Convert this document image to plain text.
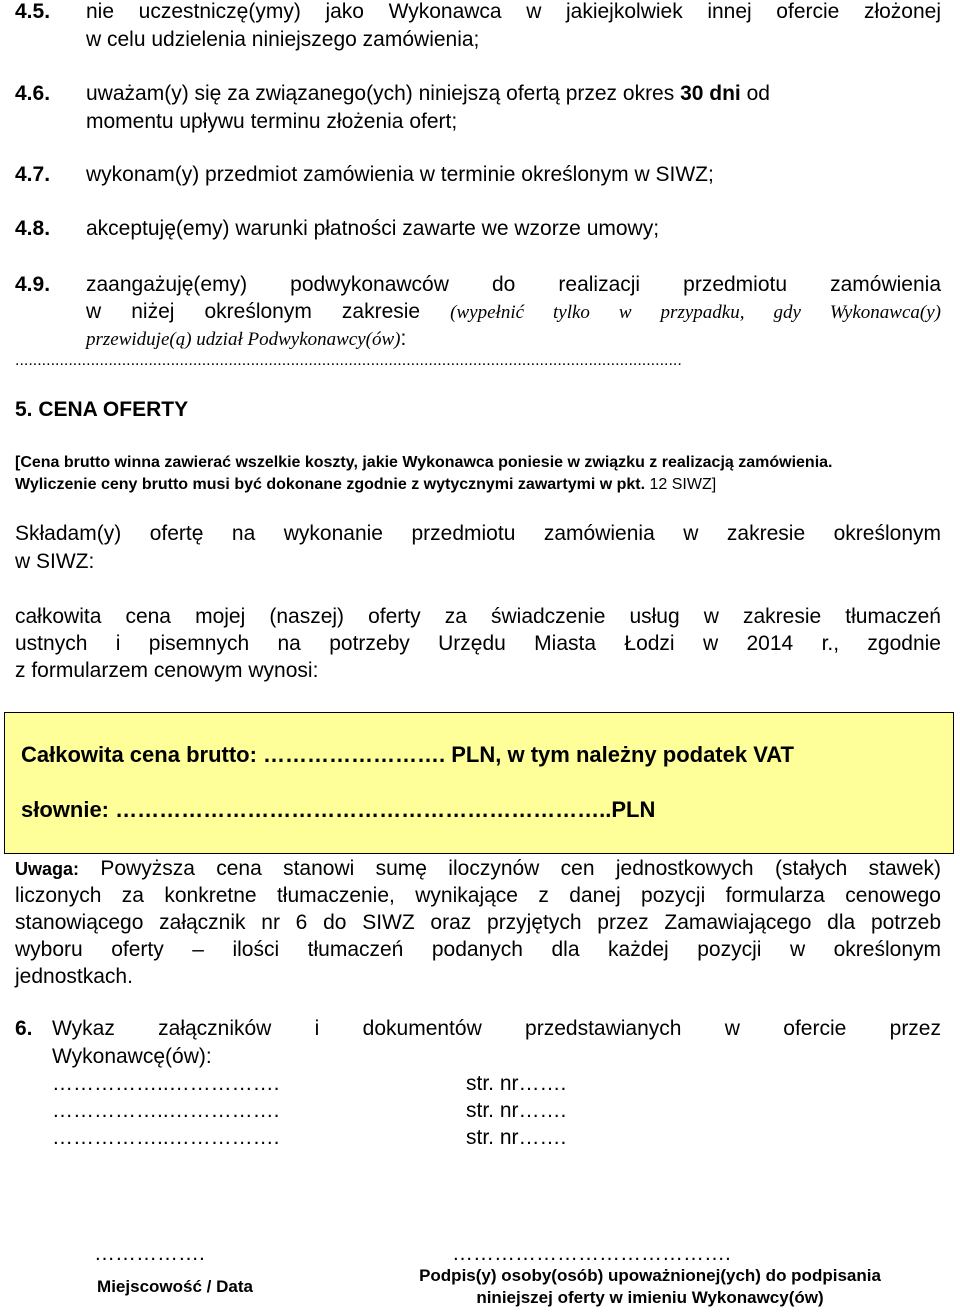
4.5. nie uczestniczę(ymy) jako Wykonawca w jakiejkolwiek innej ofercie złożonej
w celu udzielenia niniejszego zamówienia;
4.6. uważam(y) się za związanego(ych) niniejszą ofertą przez okres 30 dni od
momentu upływu terminu złożenia ofert;
4.7. wykonam(y) przedmiot zamówienia w terminie określonym w SIWZ;
4.8. akceptuję(emy) warunki płatności zawarte we wzorze umowy;
4.9. zaangażuję(emy) podwykonawców do realizacji przedmiotu zamówienia
w niżej określonym zakresie (wypełnić tylko w przypadku, gdy Wykonawca(y)
przewiduje(ą) udział Podwykonawcy(ów):
......................................................................................................................................................
5. CENA OFERTY
[Cena brutto winna zawierać wszelkie koszty, jakie Wykonawca poniesie w związku z realizacją zamówienia.
Wyliczenie ceny brutto musi być dokonane zgodnie z wytycznymi zawartymi w pkt. 12 SIWZ]
Składam(y) ofertę na wykonanie przedmiotu zamówienia w zakresie określonym
w SIWZ:
całkowita cena mojej (naszej) oferty za świadczenie usług w zakresie tłumaczeń
ustnych i pisemnych na potrzeby Urzędu Miasta Łodzi w 2014 r., zgodnie
z formularzem cenowym wynosi:
Całkowita cena brutto: ……………………. PLN, w tym należny podatek VAT
słownie: …………………………………………………………..PLN
Uwaga: Powyższa cena stanowi sumę iloczynów cen jednostkowych (stałych stawek)
liczonych za konkretne tłumaczenie, wynikające z danej pozycji formularza cenowego
stanowiącego załącznik nr 6 do SIWZ oraz przyjętych przez Zamawiającego dla potrzeb
wyboru oferty – ilości tłumaczeń podanych dla każdej pozycji w określonym
jednostkach.
6. Wykaz załączników i dokumentów przedstawianych w ofercie przez
Wykonawcę(ów):
……………..…………….	str. nr…….
……………..…………….	str. nr…….
……………..…………….	str. nr…….
…………….
Miejscowość / Data
………………………………….
Podpis(y) osoby(osób) upoważnionej(ych) do podpisania
niniejszej oferty w imieniu Wykonawcy(ów)
